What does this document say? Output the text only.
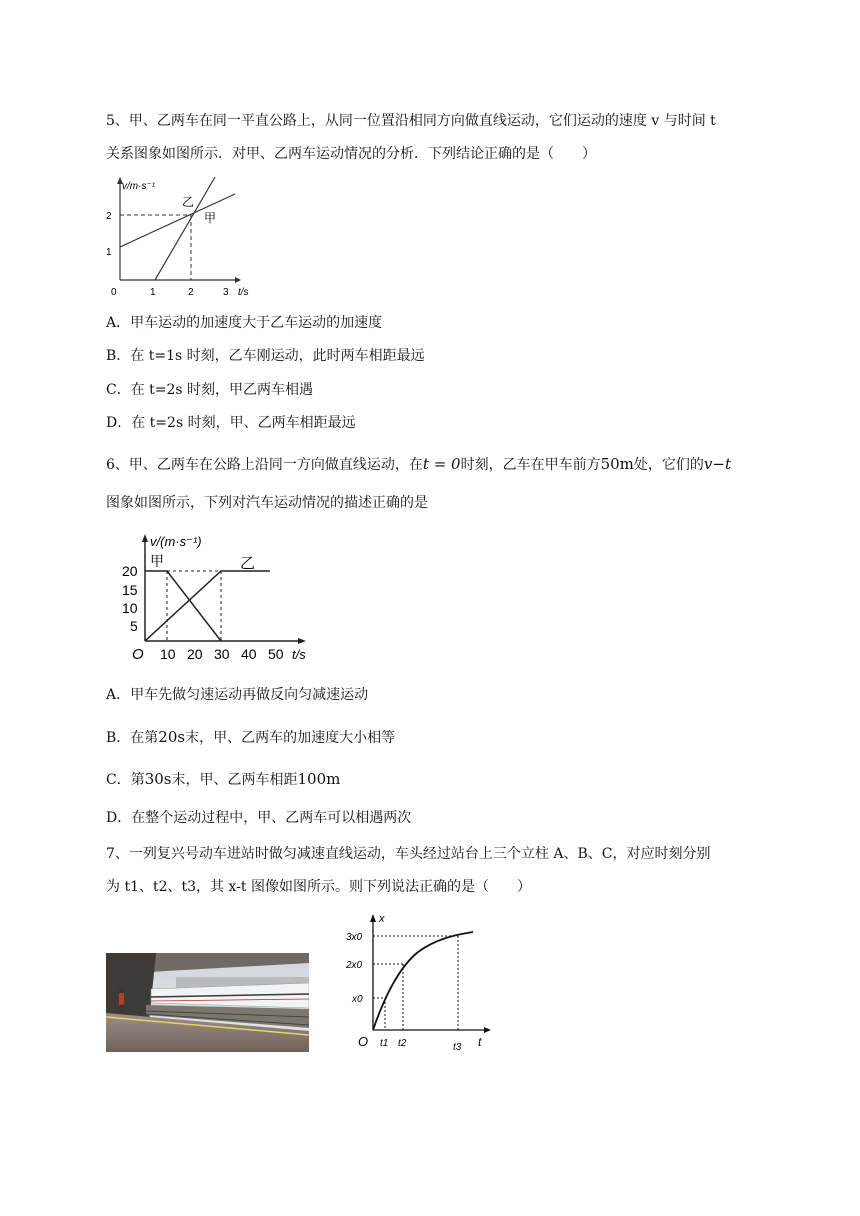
5、甲、乙两车在同一平直公路上，从同一位置沿相同方向做直线运动，它们运动的速度 v 与时间 t
关系图象如图所示．对甲、乙两车运动情况的分析．下列结论正确的是（　　）
v/m·s⁻¹
t/s
0	1	2	3
1
2
乙
甲
A．甲车运动的加速度大于乙车运动的加速度
B．在 t=1s 时刻，乙车刚运动，此时两车相距最远
C．在 t=2s 时刻，甲乙两车相遇
D．在 t=2s 时刻，甲、乙两车相距最远
6、甲、乙两车在公路上沿同一方向做直线运动，在t = 0时刻，乙车在甲车前方50m处，它们的v−t
图象如图所示，下列对汽车运动情况的描述正确的是
v/(m·s⁻¹)
t/s
O 10 20 30 40 50
5
10
15
20
甲	乙
A．甲车先做匀速运动再做反向匀减速运动
B．在第20s末，甲、乙两车的加速度大小相等
C．第30s末，甲、乙两车相距100m
D．在整个运动过程中，甲、乙两车可以相遇两次
7、一列复兴号动车进站时做匀减速直线运动，车头经过站台上三个立柱 A、B、C，对应时刻分别
为 t1、t2、t3，其 x-t 图像如图所示。则下列说法正确的是（　　）
x
t
O
x0
2x0
3x0
t1 t2	t3
